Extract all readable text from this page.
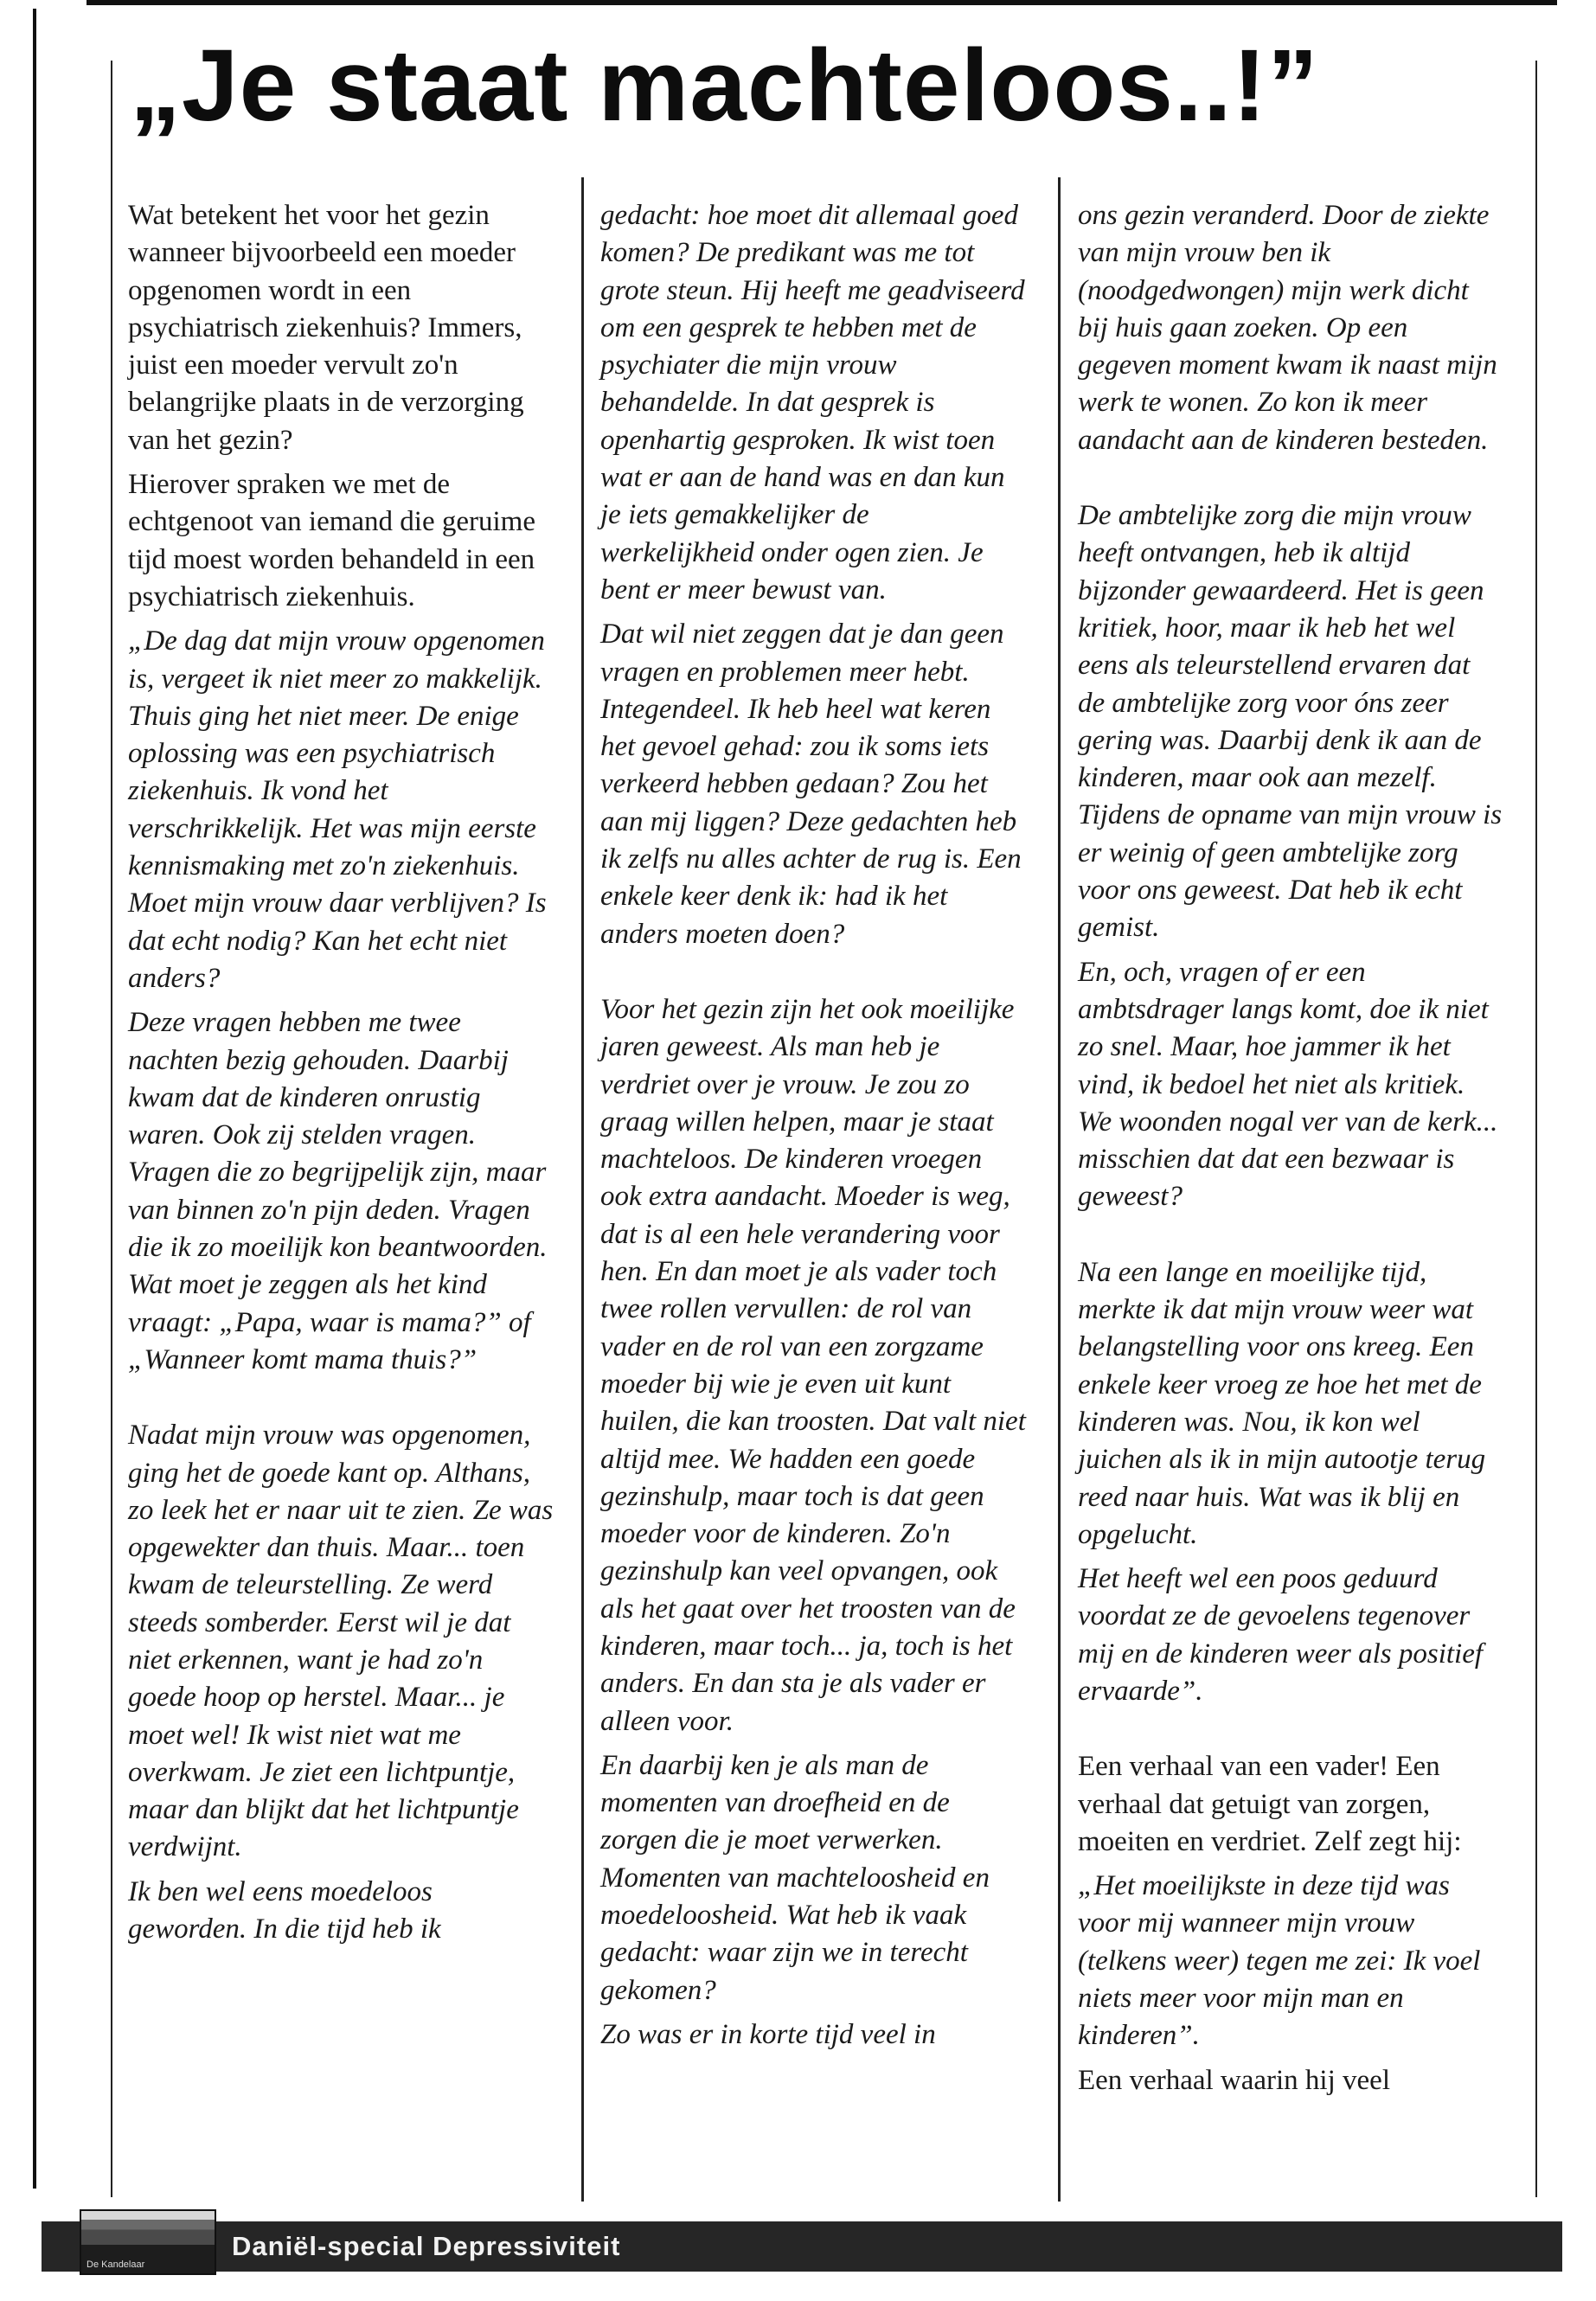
„Je staat machteloos..!”

Wat betekent het voor het gezin wanneer bijvoorbeeld een moeder opgenomen wordt in een psychiatrisch ziekenhuis? Immers, juist een moeder vervult zo'n belangrijke plaats in de verzorging van het gezin?

Hierover spraken we met de echtgenoot van iemand die geruime tijd moest worden behandeld in een psychiatrisch ziekenhuis.

„De dag dat mijn vrouw opgenomen is, vergeet ik niet meer zo makkelijk. Thuis ging het niet meer. De enige oplossing was een psychiatrisch ziekenhuis. Ik vond het verschrikkelijk. Het was mijn eerste kennismaking met zo'n ziekenhuis. Moet mijn vrouw daar verblijven? Is dat echt nodig? Kan het echt niet anders?

Deze vragen hebben me twee nachten bezig gehouden. Daarbij kwam dat de kinderen onrustig waren. Ook zij stelden vragen. Vragen die zo begrijpelijk zijn, maar van binnen zo'n pijn deden. Vragen die ik zo moeilijk kon beantwoorden. Wat moet je zeggen als het kind vraagt: „Papa, waar is mama?” of „Wanneer komt mama thuis?”

Nadat mijn vrouw was opgenomen, ging het de goede kant op. Althans, zo leek het er naar uit te zien. Ze was opgewekter dan thuis. Maar... toen kwam de teleurstelling. Ze werd steeds somberder. Eerst wil je dat niet erkennen, want je had zo'n goede hoop op herstel. Maar... je moet wel! Ik wist niet wat me overkwam. Je ziet een lichtpuntje, maar dan blijkt dat het lichtpuntje verdwijnt.

Ik ben wel eens moedeloos geworden. In die tijd heb ik

gedacht: hoe moet dit allemaal goed komen? De predikant was me tot grote steun. Hij heeft me geadviseerd om een gesprek te hebben met de psychiater die mijn vrouw behandelde. In dat gesprek is openhartig gesproken. Ik wist toen wat er aan de hand was en dan kun je iets gemakkelijker de werkelijkheid onder ogen zien. Je bent er meer bewust van.

Dat wil niet zeggen dat je dan geen vragen en problemen meer hebt. Integendeel. Ik heb heel wat keren het gevoel gehad: zou ik soms iets verkeerd hebben gedaan? Zou het aan mij liggen? Deze gedachten heb ik zelfs nu alles achter de rug is. Een enkele keer denk ik: had ik het anders moeten doen?

Voor het gezin zijn het ook moeilijke jaren geweest. Als man heb je verdriet over je vrouw. Je zou zo graag willen helpen, maar je staat machteloos. De kinderen vroegen ook extra aandacht. Moeder is weg, dat is al een hele verandering voor hen. En dan moet je als vader toch twee rollen vervullen: de rol van vader en de rol van een zorgzame moeder bij wie je even uit kunt huilen, die kan troosten. Dat valt niet altijd mee. We hadden een goede gezinshulp, maar toch is dat geen moeder voor de kinderen. Zo'n gezinshulp kan veel opvangen, ook als het gaat over het troosten van de kinderen, maar toch... ja, toch is het anders. En dan sta je als vader er alleen voor.

En daarbij ken je als man de momenten van droefheid en de zorgen die je moet verwerken. Momenten van machteloosheid en moedeloosheid. Wat heb ik vaak gedacht: waar zijn we in terecht gekomen?

Zo was er in korte tijd veel in

ons gezin veranderd. Door de ziekte van mijn vrouw ben ik (noodgedwongen) mijn werk dicht bij huis gaan zoeken. Op een gegeven moment kwam ik naast mijn werk te wonen. Zo kon ik meer aandacht aan de kinderen besteden.

De ambtelijke zorg die mijn vrouw heeft ontvangen, heb ik altijd bijzonder gewaardeerd. Het is geen kritiek, hoor, maar ik heb het wel eens als teleurstellend ervaren dat de ambtelijke zorg voor óns zeer gering was. Daarbij denk ik aan de kinderen, maar ook aan mezelf. Tijdens de opname van mijn vrouw is er weinig of geen ambtelijke zorg voor ons geweest. Dat heb ik echt gemist.

En, och, vragen of er een ambtsdrager langs komt, doe ik niet zo snel. Maar, hoe jammer ik het vind, ik bedoel het niet als kritiek. We woonden nogal ver van de kerk... misschien dat dat een bezwaar is geweest?

Na een lange en moeilijke tijd, merkte ik dat mijn vrouw weer wat belangstelling voor ons kreeg. Een enkele keer vroeg ze hoe het met de kinderen was. Nou, ik kon wel juichen als ik in mijn autootje terug reed naar huis. Wat was ik blij en opgelucht.

Het heeft wel een poos geduurd voordat ze de gevoelens tegenover mij en de kinderen weer als positief ervaarde”.

Een verhaal van een vader! Een verhaal dat getuigt van zorgen, moeiten en verdriet. Zelf zegt hij:

„Het moeilijkste in deze tijd was voor mij wanneer mijn vrouw (telkens weer) tegen me zei: Ik voel niets meer voor mijn man en kinderen”.

Een verhaal waarin hij veel

De Kandelaar

Daniël-special Depressiviteit
